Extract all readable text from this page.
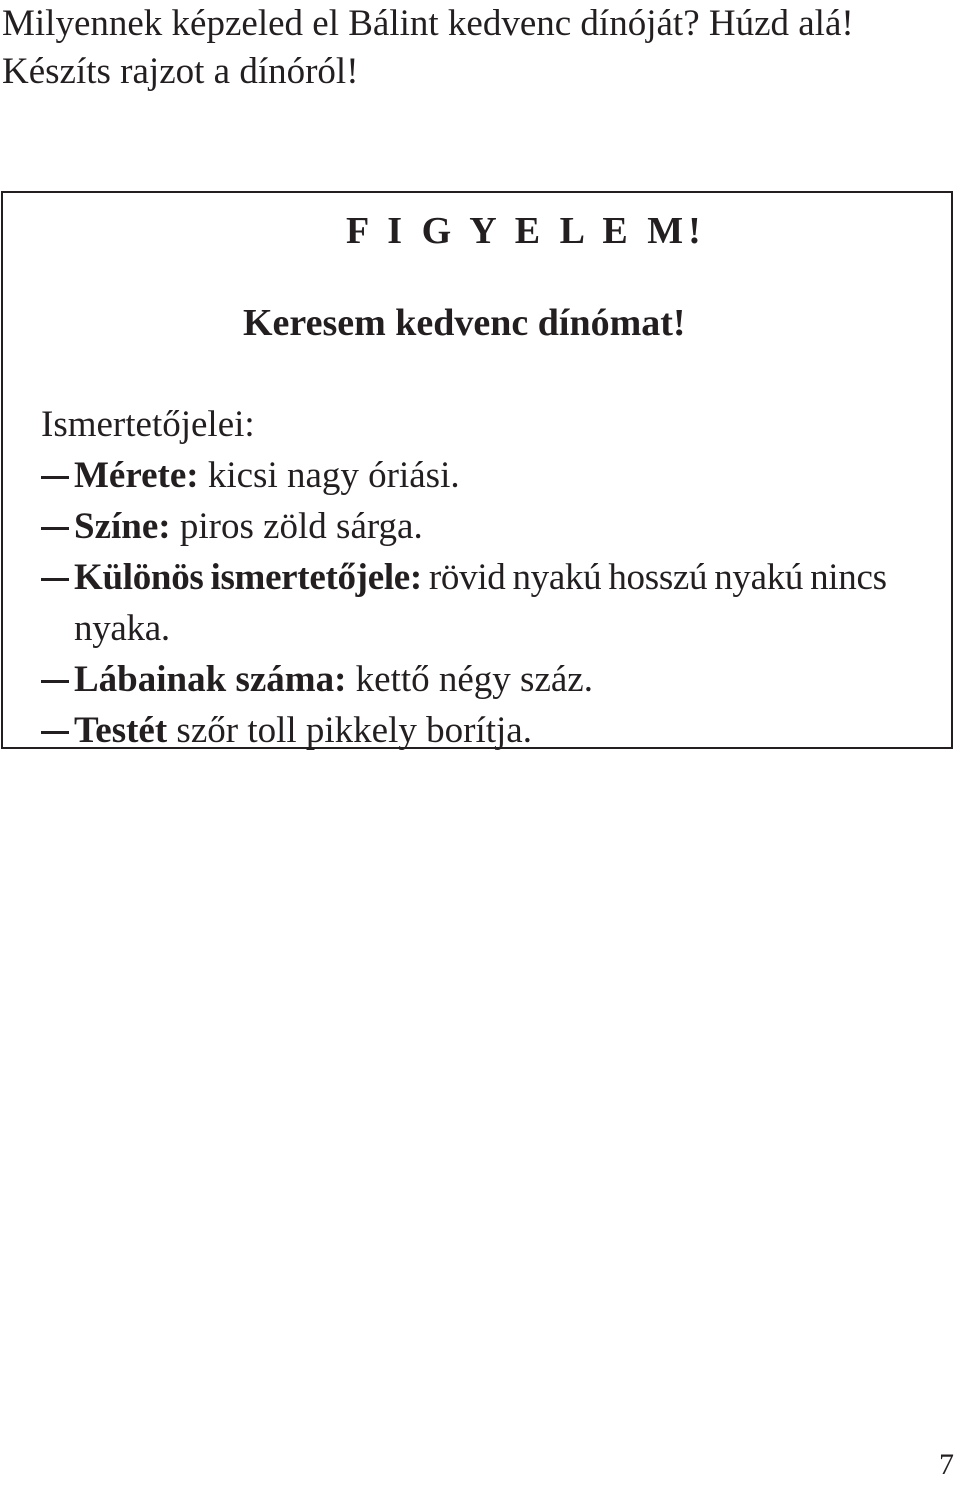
Milyennek képzeled el Bálint kedvenc dínóját? Húzd alá!
Készíts rajzot a dínóról!
F I G Y E L E M!
Keresem kedvenc dínómat!
Ismertetőjelei:
Mérete: kicsi nagy óriási.
Színe: piros zöld sárga.
Különös ismertetőjele: rövid nyakú hosszú nyakú nincs nyaka.
Lábainak száma: kettő négy száz.
Testét szőr toll pikkely borítja.
7
